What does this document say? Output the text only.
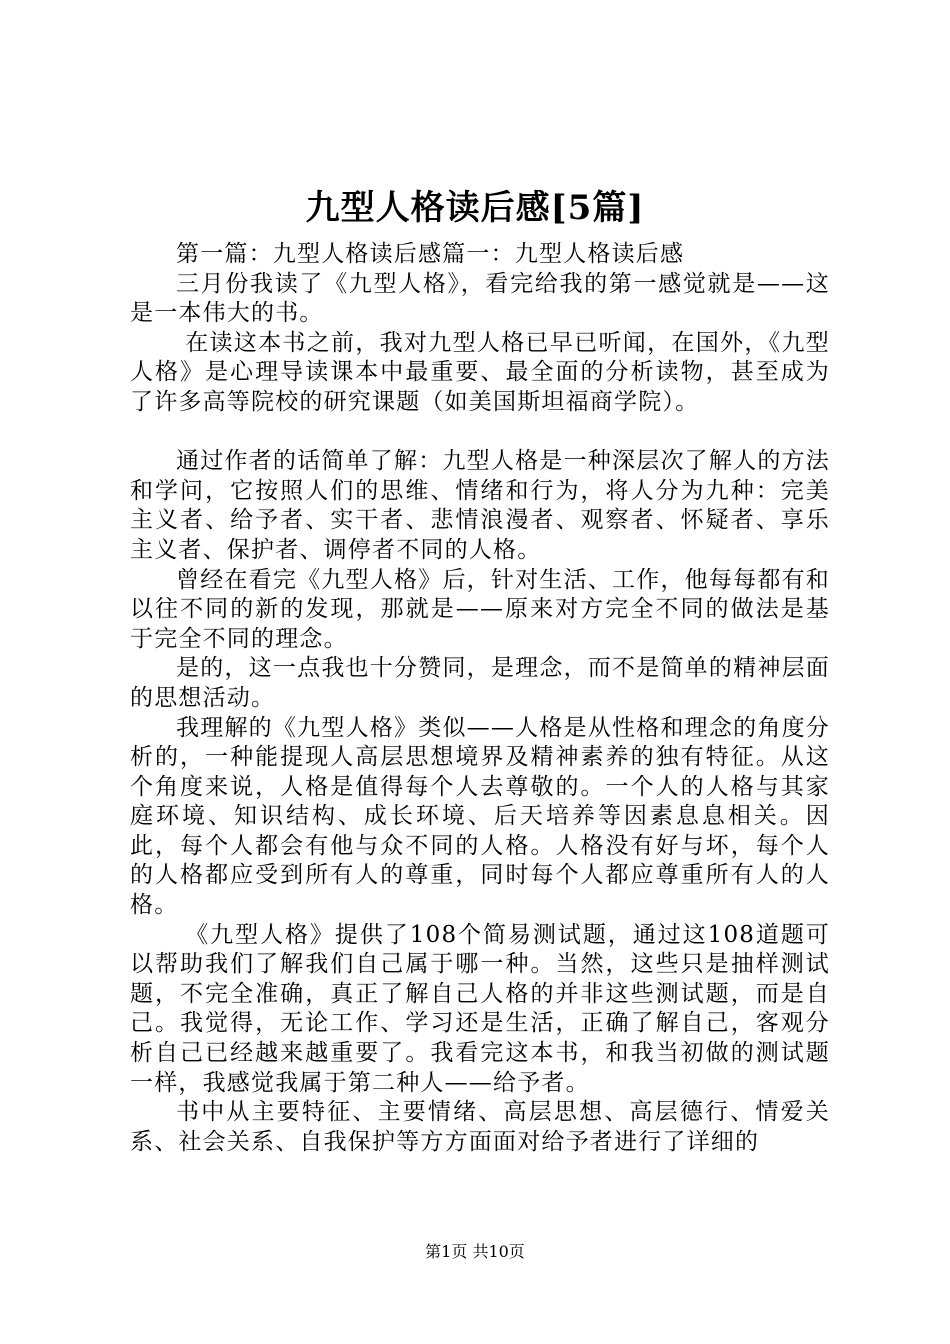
九型人格读后感[5篇]

第一篇：九型人格读后感篇一：九型人格读后感

三月份我读了《九型人格》，看完给我的第一感觉就是——这是一本伟大的书。

在读这本书之前，我对九型人格已早已听闻，在国外，《九型人格》是心理导读课本中最重要、最全面的分析读物，甚至成为了许多高等院校的研究课题（如美国斯坦福商学院）。

通过作者的话简单了解：九型人格是一种深层次了解人的方法和学问，它按照人们的思维、情绪和行为，将人分为九种：完美主义者、给予者、实干者、悲情浪漫者、观察者、怀疑者、享乐主义者、保护者、调停者不同的人格。

曾经在看完《九型人格》后，针对生活、工作，他每每都有和以往不同的新的发现，那就是——原来对方完全不同的做法是基于完全不同的理念。

是的，这一点我也十分赞同，是理念，而不是简单的精神层面的思想活动。

我理解的《九型人格》类似——人格是从性格和理念的角度分析的，一种能提现人高层思想境界及精神素养的独有特征。从这个角度来说，人格是值得每个人去尊敬的。一个人的人格与其家庭环境、知识结构、成长环境、后天培养等因素息息相关。因此，每个人都会有他与众不同的人格。人格没有好与坏，每个人的人格都应受到所有人的尊重，同时每个人都应尊重所有人的人格。

《九型人格》提供了108个简易测试题，通过这108道题可以帮助我们了解我们自己属于哪一种。当然，这些只是抽样测试题，不完全准确，真正了解自己人格的并非这些测试题，而是自己。我觉得，无论工作、学习还是生活，正确了解自己，客观分析自己已经越来越重要了。我看完这本书，和我当初做的测试题一样，我感觉我属于第二种人——给予者。

书中从主要特征、主要情绪、高层思想、高层德行、情爱关系、社会关系、自我保护等方方面面对给予者进行了详细的

第1页 共10页
